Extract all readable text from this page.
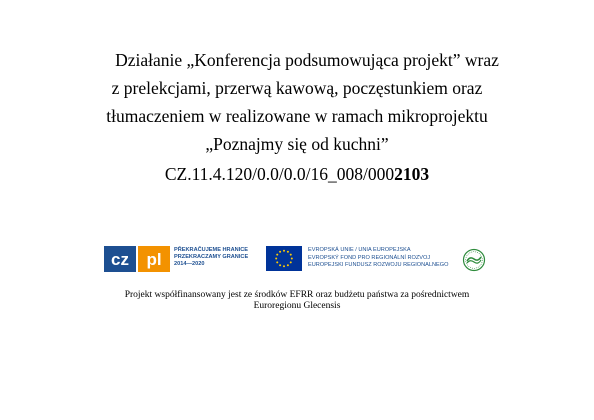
Działanie „Konferencja podsumowująca projekt” wraz
z prelekcjami, przerwą kawową, poczęstunkiem oraz
tłumaczeniem w realizowane w ramach mikroprojektu
„Poznajmy się od kuchni”
CZ.11.4.120/0.0/0.0/16_008/0002103
cz pl PŘEKRAČUJEME HRANICE
PRZEKRACZAMY GRANICE
2014—2020
EVROPSKÁ UNIE / UNIA EUROPEJSKA
EVROPSKÝ FOND PRO REGIONÁLNÍ ROZVOJ
EUROPEJSKI FUNDUSZ ROZWOJU REGIONALNEGO
Projekt współfinansowany jest ze środków EFRR oraz budżetu państwa za pośrednictwem
Euroregionu Glecensis
